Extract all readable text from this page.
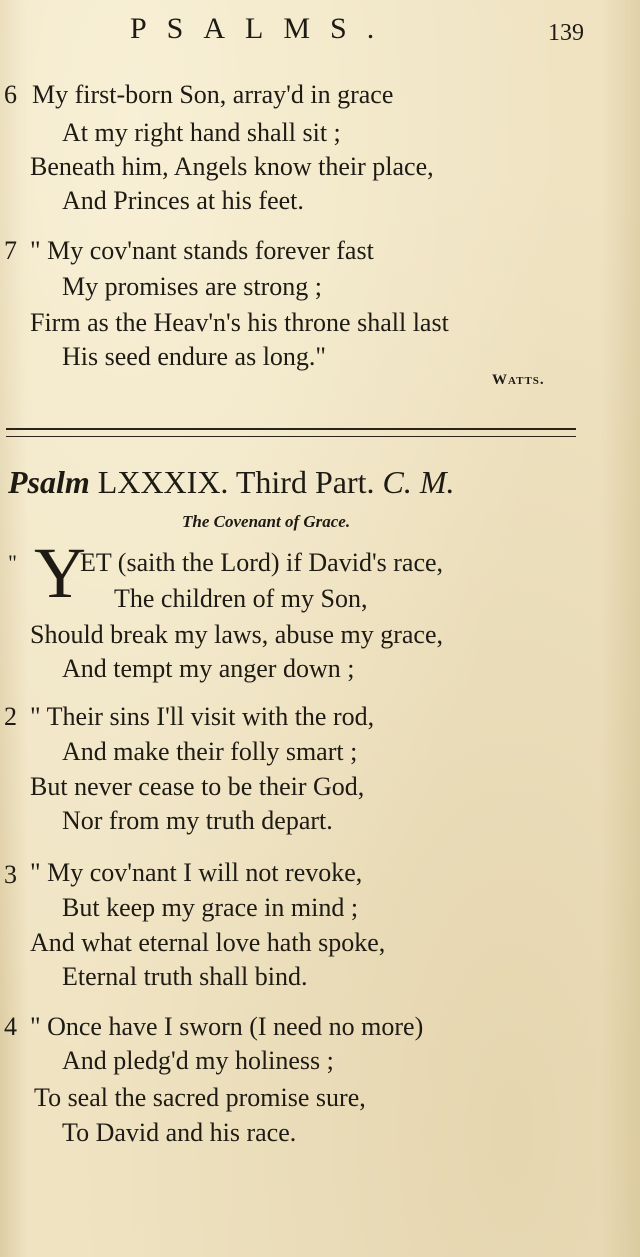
PSALMS.	139
6 My first-born Son, array'd in grace
At my right hand shall sit ;
Beneath him, Angels know their place,
And Princes at his feet.
7 " My cov'nant stands forever fast
My promises are strong ;
Firm as the Heav'n's his throne shall last
His seed endure as long."
Watts.
Psalm LXXXIX. Third Part. C. M.
The Covenant of Grace.
" Y
ET (saith the Lord) if David's race,
The children of my Son,
Should break my laws, abuse my grace,
And tempt my anger down ;
2 " Their sins I'll visit with the rod,
And make their folly smart ;
But never cease to be their God,
Nor from my truth depart.
3 " My cov'nant I will not revoke,
But keep my grace in mind ;
And what eternal love hath spoke,
Eternal truth shall bind.
4 " Once have I sworn (I need no more)
And pledg'd my holiness ;
To seal the sacred promise sure,
To David and his race.
